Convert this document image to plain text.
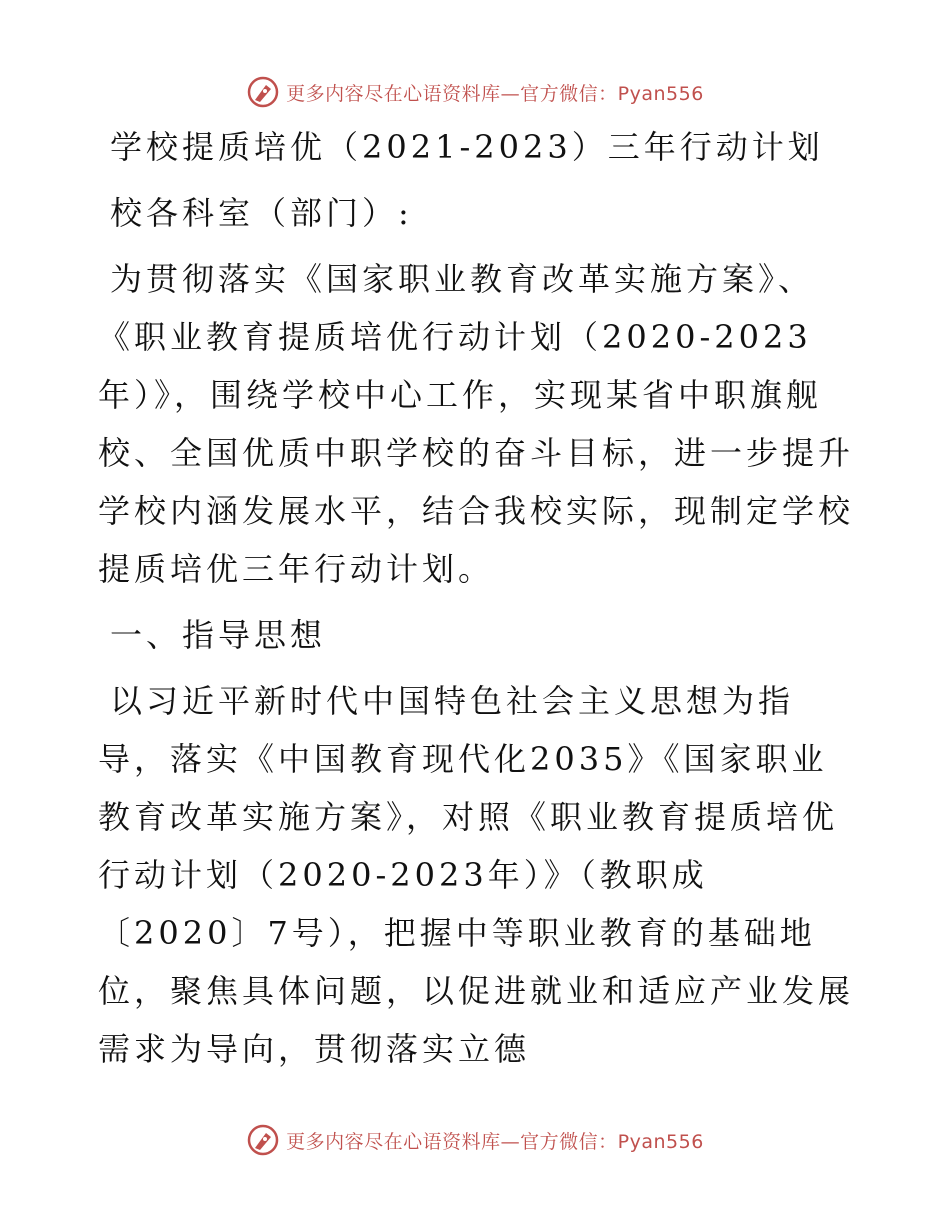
更多内容尽在心语资料库—官方微信：Pyan556

学校提质培优（2021-2023）三年行动计划

校各科室（部门）:

为贯彻落实《国家职业教育改革实施方案》、《职业教育提质培优行动计划（2020-2023年）》，围绕学校中心工作，实现某省中职旗舰校、全国优质中职学校的奋斗目标，进一步提升学校内涵发展水平，结合我校实际，现制定学校提质培优三年行动计划。

一、指导思想

以习近平新时代中国特色社会主义思想为指导，落实《中国教育现代化2035》《国家职业教育改革实施方案》，对照《职业教育提质培优行动计划（2020-2023年）》（教职成〔2020〕7号），把握中等职业教育的基础地位，聚焦具体问题，以促进就业和适应产业发展需求为导向，贯彻落实立德

更多内容尽在心语资料库—官方微信：Pyan556
